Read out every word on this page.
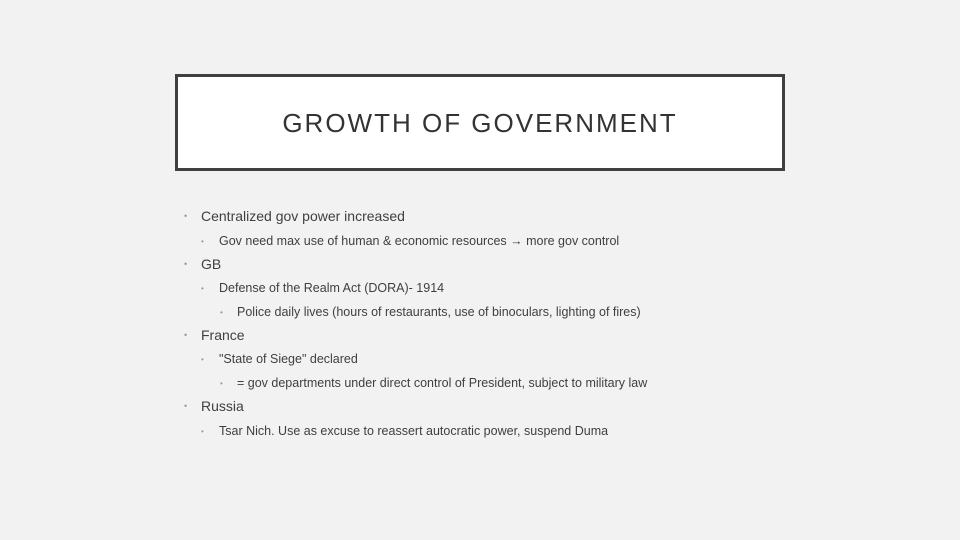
GROWTH OF GOVERNMENT
• Centralized gov power increased
•	Gov need max use of human & economic resources → more gov control
• GB
•	Defense of the Realm Act (DORA)- 1914
•	Police daily lives (hours of restaurants, use of binoculars, lighting of fires)
• France
•	"State of Siege" declared
•	= gov departments under direct control of President, subject to military law
• Russia
•	Tsar Nich. Use as excuse to reassert autocratic power, suspend Duma
